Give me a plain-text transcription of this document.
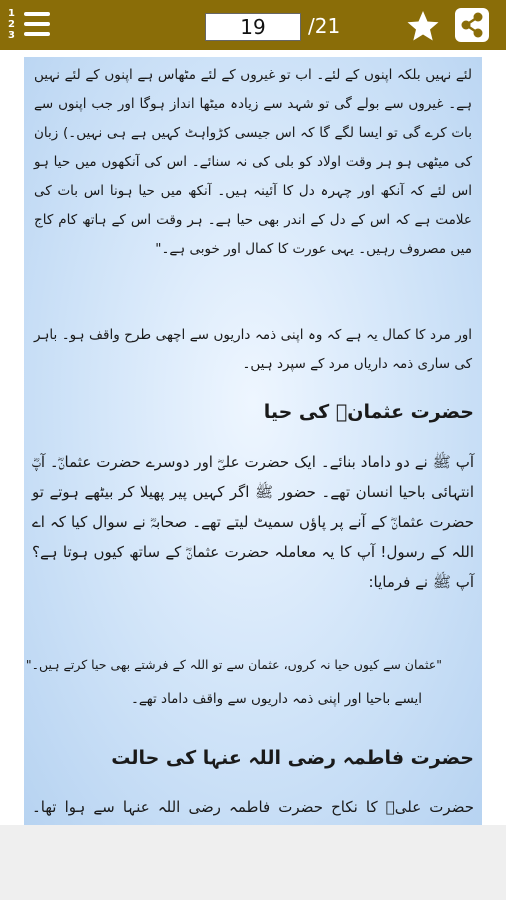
1
2
3	19	/21

لئے نہیں بلکہ اپنوں کے لئے۔ اب تو غیروں کے لئے مٹھاس ہے اپنوں کے لئے نہیں ہے۔ غیروں سے بولے گی تو شہد سے زیادہ میٹھا انداز ہوگا اور جب اپنوں سے بات کرے گی تو ایسا لگے گا کہ اس جیسی کڑواہٹ کہیں ہے ہی نہیں۔) زبان کی میٹھی ہو ہر وقت اولاد کو بلی کی نہ سنائے۔ اس کی آنکھوں میں حیا ہو اس لئے کہ آنکھ اور چہرہ دل کا آئینہ ہیں۔ آنکھ میں حیا ہونا اس بات کی علامت ہے کہ اس کے دل کے اندر بھی حیا ہے۔ ہر وقت اس کے ہاتھ کام کاج میں مصروف رہیں۔ یہی عورت کا کمال اور خوبی ہے۔"

اور مرد کا کمال یہ ہے کہ وہ اپنی ذمہ داریوں سے اچھی طرح واقف ہو۔ باہر کی ساری ذمہ داریاں مرد کے سپرد ہیں۔

حضرت عثمانؓ کی حیا

آپ ﷺ نے دو داماد بنائے۔ ایک حضرت علیؓ اور دوسرے حضرت عثمانؓ۔ آپؓ انتہائی باحیا انسان تھے۔ حضور ﷺ اگر کہیں پیر پھیلا کر بیٹھے ہوتے تو حضرت عثمانؓ کے آنے پر پاؤں سمیٹ لیتے تھے۔ صحابہؓ نے سوال کیا کہ اے اللہ کے رسول! آپ کا یہ معاملہ حضرت عثمانؓ کے ساتھ کیوں ہوتا ہے؟ آپ ﷺ نے فرمایا:

"عثمان سے کیوں حیا نہ کروں، عثمان سے تو اللہ کے فرشتے بھی حیا کرتے ہیں۔"

ایسے باحیا اور اپنی ذمہ داریوں سے واقف داماد تھے۔

حضرت فاطمہ رضی اللہ عنہا کی حالت

حضرت علیؓ کا نکاح حضرت فاطمہ رضی اللہ عنہا سے ہوا تھا۔
